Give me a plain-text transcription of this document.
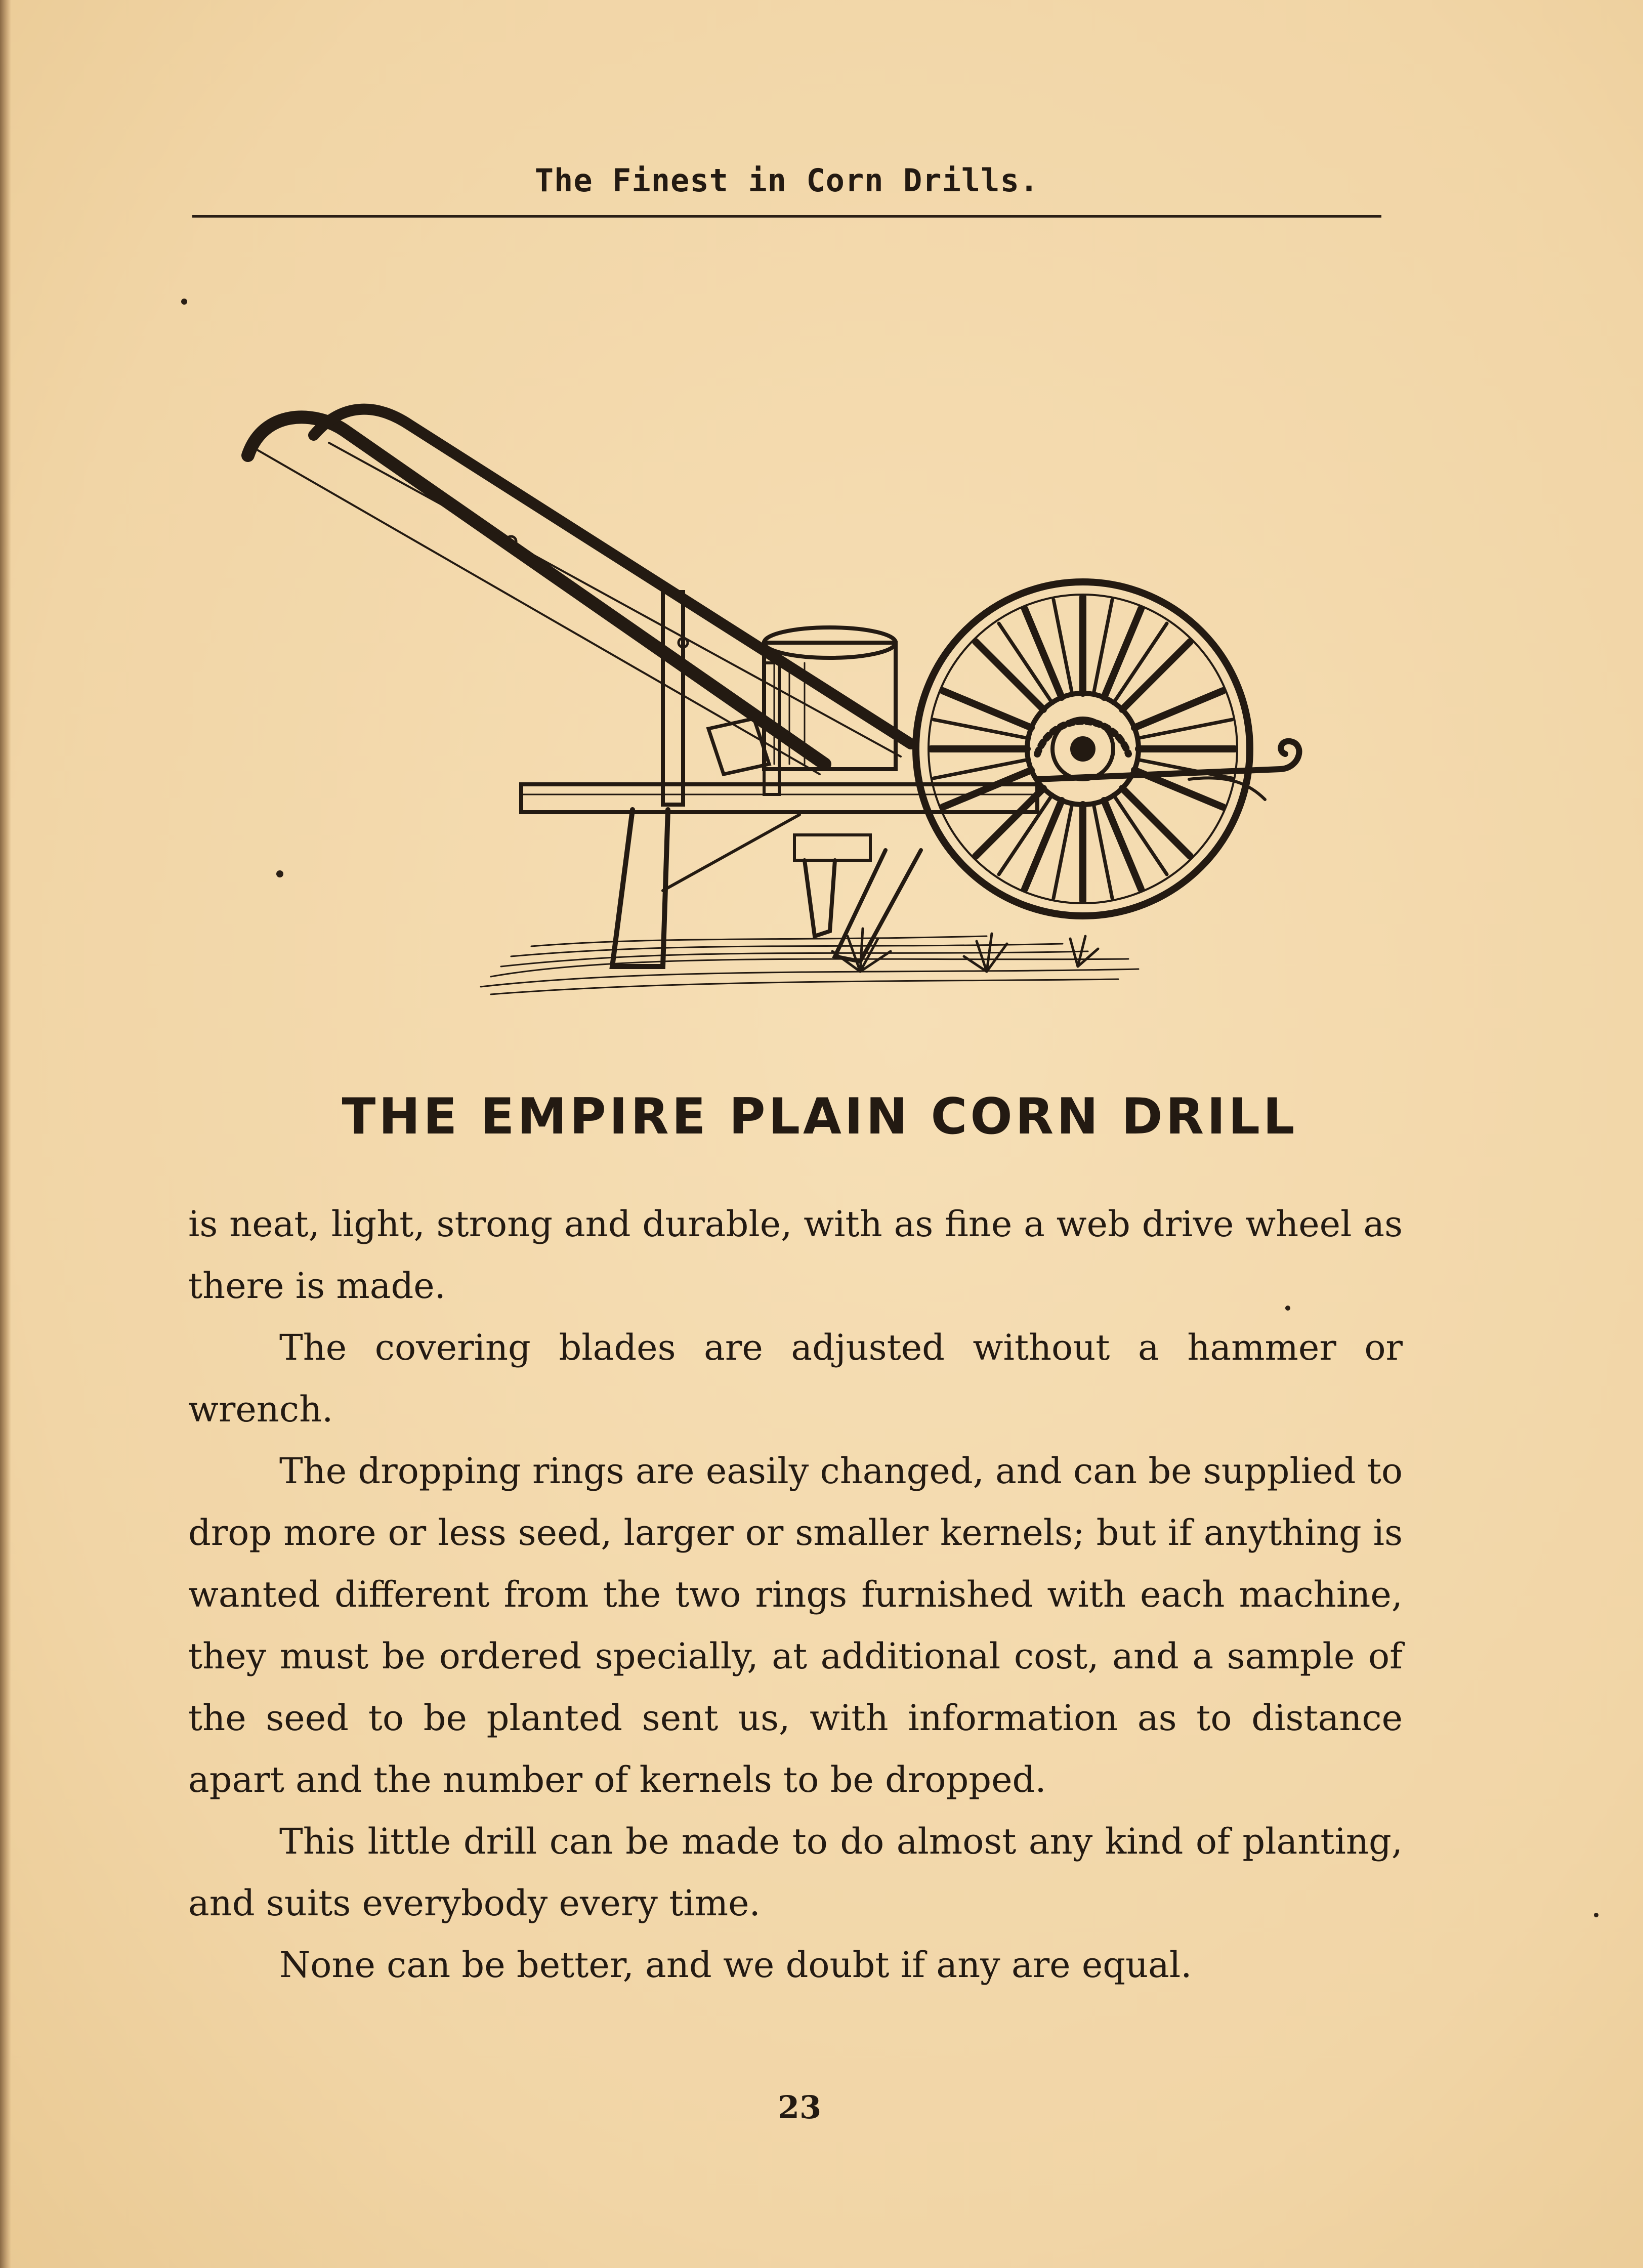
The Finest in Corn Drills.
THE EMPIRE PLAIN CORN DRILL

is neat, light, strong and durable, with as fine a web drive wheel as there is made.

The covering blades are adjusted without a hammer or wrench.

The dropping rings are easily changed, and can be supplied to drop more or less seed, larger or smaller kernels; but if anything is wanted different from the two rings furnished with each machine, they must be ordered specially, at additional cost, and a sample of the seed to be planted sent us, with information as to distance apart and the number of kernels to be dropped.

This little drill can be made to do almost any kind of planting, and suits everybody every time.

None can be better, and we doubt if any are equal.

23
